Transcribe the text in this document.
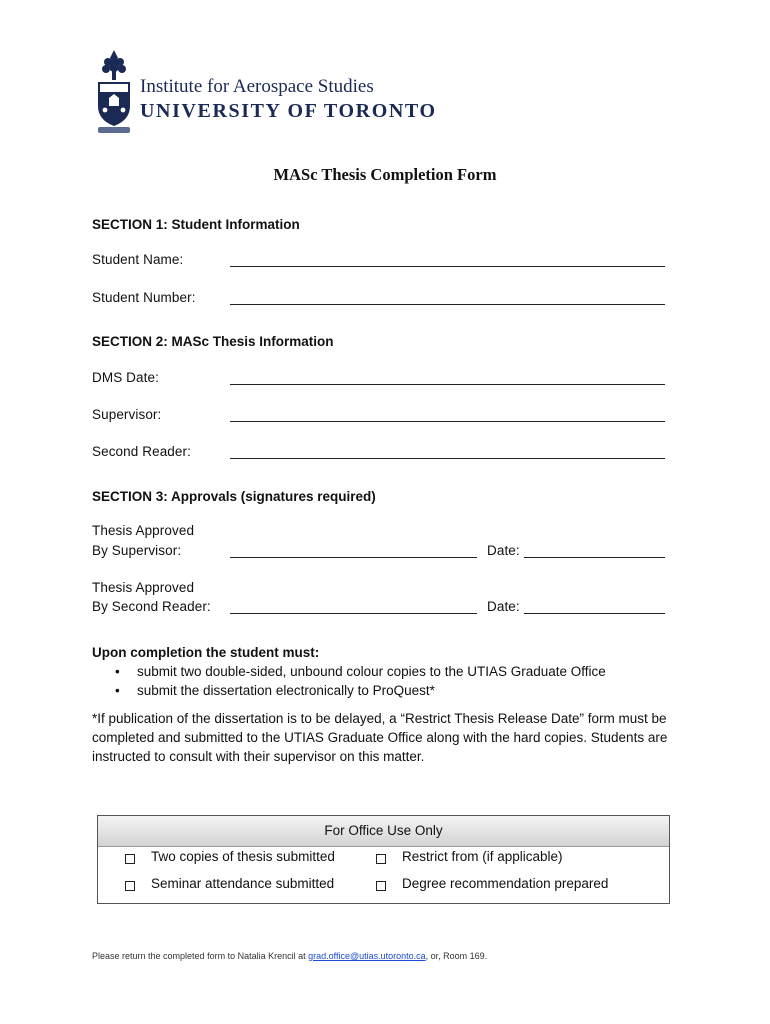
Institute for Aerospace Studies
UNIVERSITY OF TORONTO
MASc Thesis Completion Form
SECTION 1: Student Information
Student Name:
Student Number:
SECTION 2: MASc Thesis Information
DMS Date:
Supervisor:
Second Reader:
SECTION 3: Approvals (signatures required)
Thesis Approved
By Supervisor:	Date:
Thesis Approved
By Second Reader:	Date:
Upon completion the student must:
• submit two double-sided, unbound colour copies to the UTIAS Graduate Office
• submit the dissertation electronically to ProQuest*
*If publication of the dissertation is to be delayed, a “Restrict Thesis Release Date” form must be completed and submitted to the UTIAS Graduate Office along with the hard copies. Students are instructed to consult with their supervisor on this matter.
For Office Use Only
Two copies of thesis submitted	Restrict from (if applicable)
Seminar attendance submitted	Degree recommendation prepared
Please return the completed form to Natalia Krencil at grad.office@utias.utoronto.ca, or, Room 169.
